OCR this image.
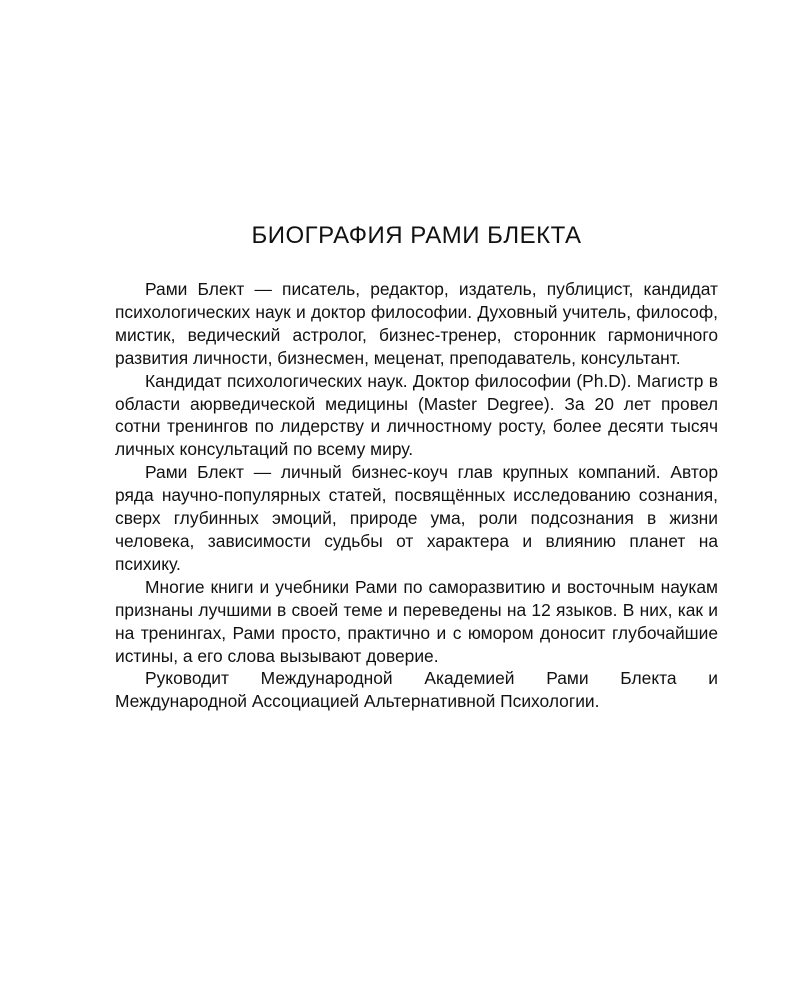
БИОГРАФИЯ РАМИ БЛЕКТА

Рами Блект — писатель, редактор, издатель, публицист, кандидат психологических наук и доктор философии. Духовный учитель, философ, мистик, ведический астролог, бизнес-тренер, сторонник гармоничного развития личности, бизнесмен, меценат, преподаватель, консультант.

Кандидат психологических наук. Доктор философии (Ph.D). Магистр в области аюрведической медицины (Master Degree). За 20 лет провел сотни тренингов по лидерству и личностному росту, более десяти тысяч личных консультаций по всему миру.

Рами Блект — личный бизнес-коуч глав крупных компаний. Автор ряда научно-популярных статей, посвящённых исследованию сознания, сверх глубинных эмоций, природе ума, роли подсознания в жизни человека, зависимости судьбы от характера и влиянию планет на психику.

Многие книги и учебники Рами по саморазвитию и восточным наукам признаны лучшими в своей теме и переведены на 12 языков. В них, как и на тренингах, Рами просто, практично и с юмором доносит глубочайшие истины, а его слова вызывают доверие.

Руководит Международной Академией Рами Блекта и Международной Ассоциацией Альтернативной Психологии.
